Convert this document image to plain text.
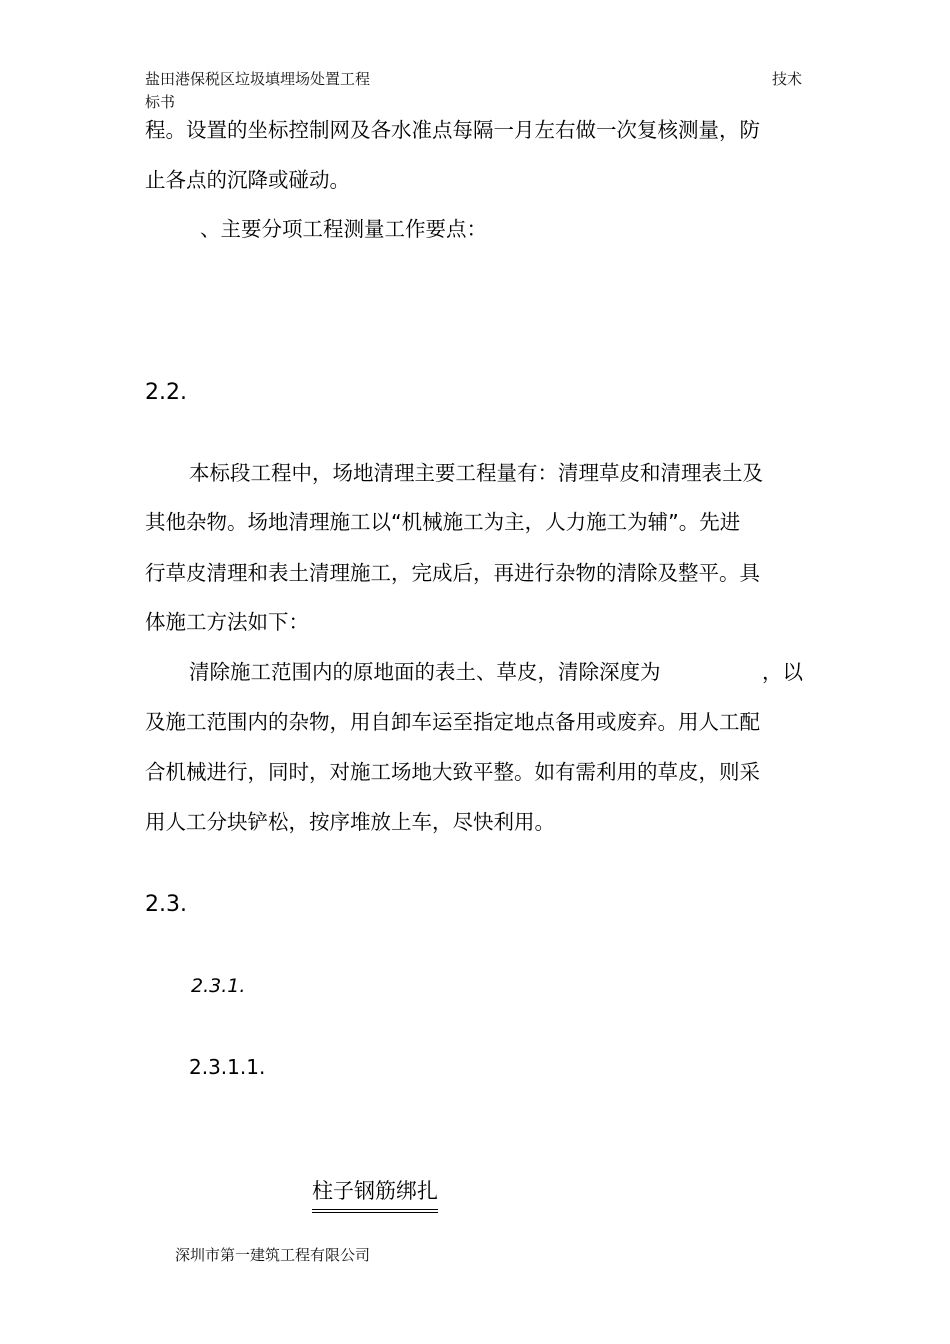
盐田港保税区垃圾填埋场处置工程	技术
标书
程。设置的坐标控制网及各水准点每隔一月左右做一次复核测量，防
止各点的沉降或碰动。
、主要分项工程测量工作要点：
2.2.
本标段工程中，场地清理主要工程量有：清理草皮和清理表土及
其他杂物。场地清理施工以“机械施工为主，人力施工为辅”。先进
行草皮清理和表土清理施工，完成后，再进行杂物的清除及整平。具
体施工方法如下：
清除施工范围内的原地面的表土、草皮，清除深度为	，以
及施工范围内的杂物，用自卸车运至指定地点备用或废弃。用人工配
合机械进行，同时，对施工场地大致平整。如有需利用的草皮，则采
用人工分块铲松，按序堆放上车，尽快利用。
2.3.
2.3.1.
2.3.1.1.
柱子钢筋绑扎
深圳市第一建筑工程有限公司
